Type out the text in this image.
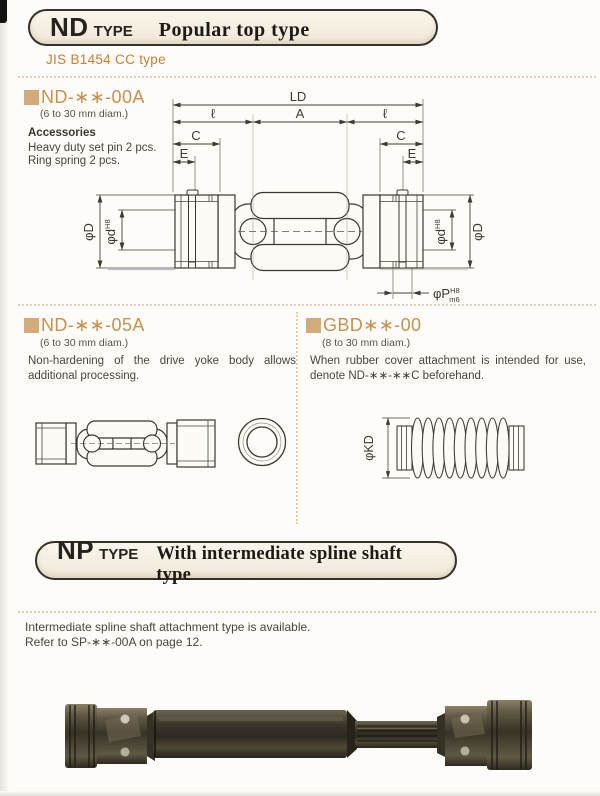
ND TYPE Popular top type
JIS B1454 CC type
ND-∗∗-00A
(6 to 30 mm diam.)
Accessories
Heavy duty set pin 2 pcs.
Ring spring 2 pcs.
LD
ℓ	A	ℓ
C	C
E	E
φD $\varphi d^{H8}$
$\varphi d^{H8}$	φD
$\varphi P^{H8}$ m6
ND-∗∗-05A
(6 to 30 mm diam.)
Non-hardening of the drive yoke body allows additional processing.
GBD∗∗-00
(8 to 30 mm diam.)
When rubber cover attachment is intended for use, denote ND-∗∗-∗∗C beforehand.
φKD
NP TYPE With intermediate spline shaft type
Intermediate spline shaft attachment type is available.
Refer to SP-∗∗-00A on page 12.
